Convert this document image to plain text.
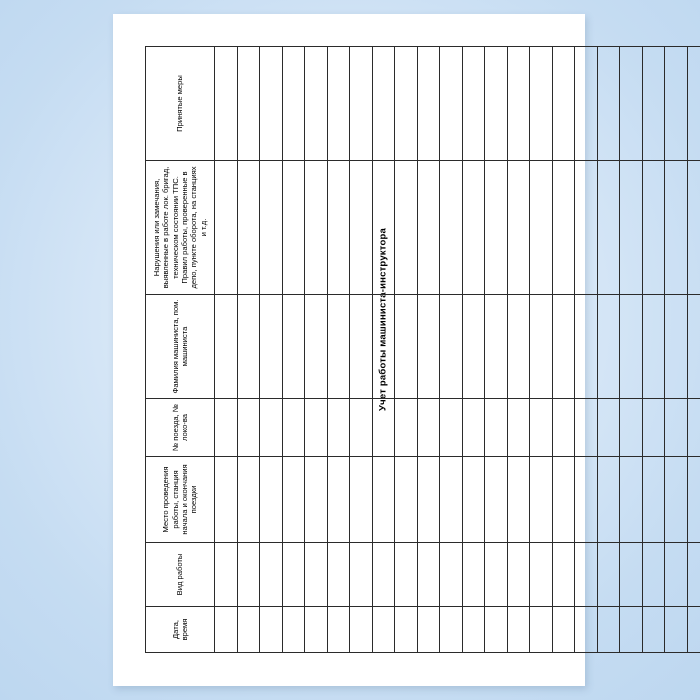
Учет работы машиниста-инструктора
Дата, время	Вид работы	Место проведения работы, станция начала и окончания поездки	№ поезда, № локо-ва	Фамилия машиниста, пом. машиниста	Нарушения или замечания, выявленные в работе лок. бригад, техническом состоянии ТПС. Правил работы, проверенные в депо, пункте оборота, на станциях и т.д.	Принятые меры
